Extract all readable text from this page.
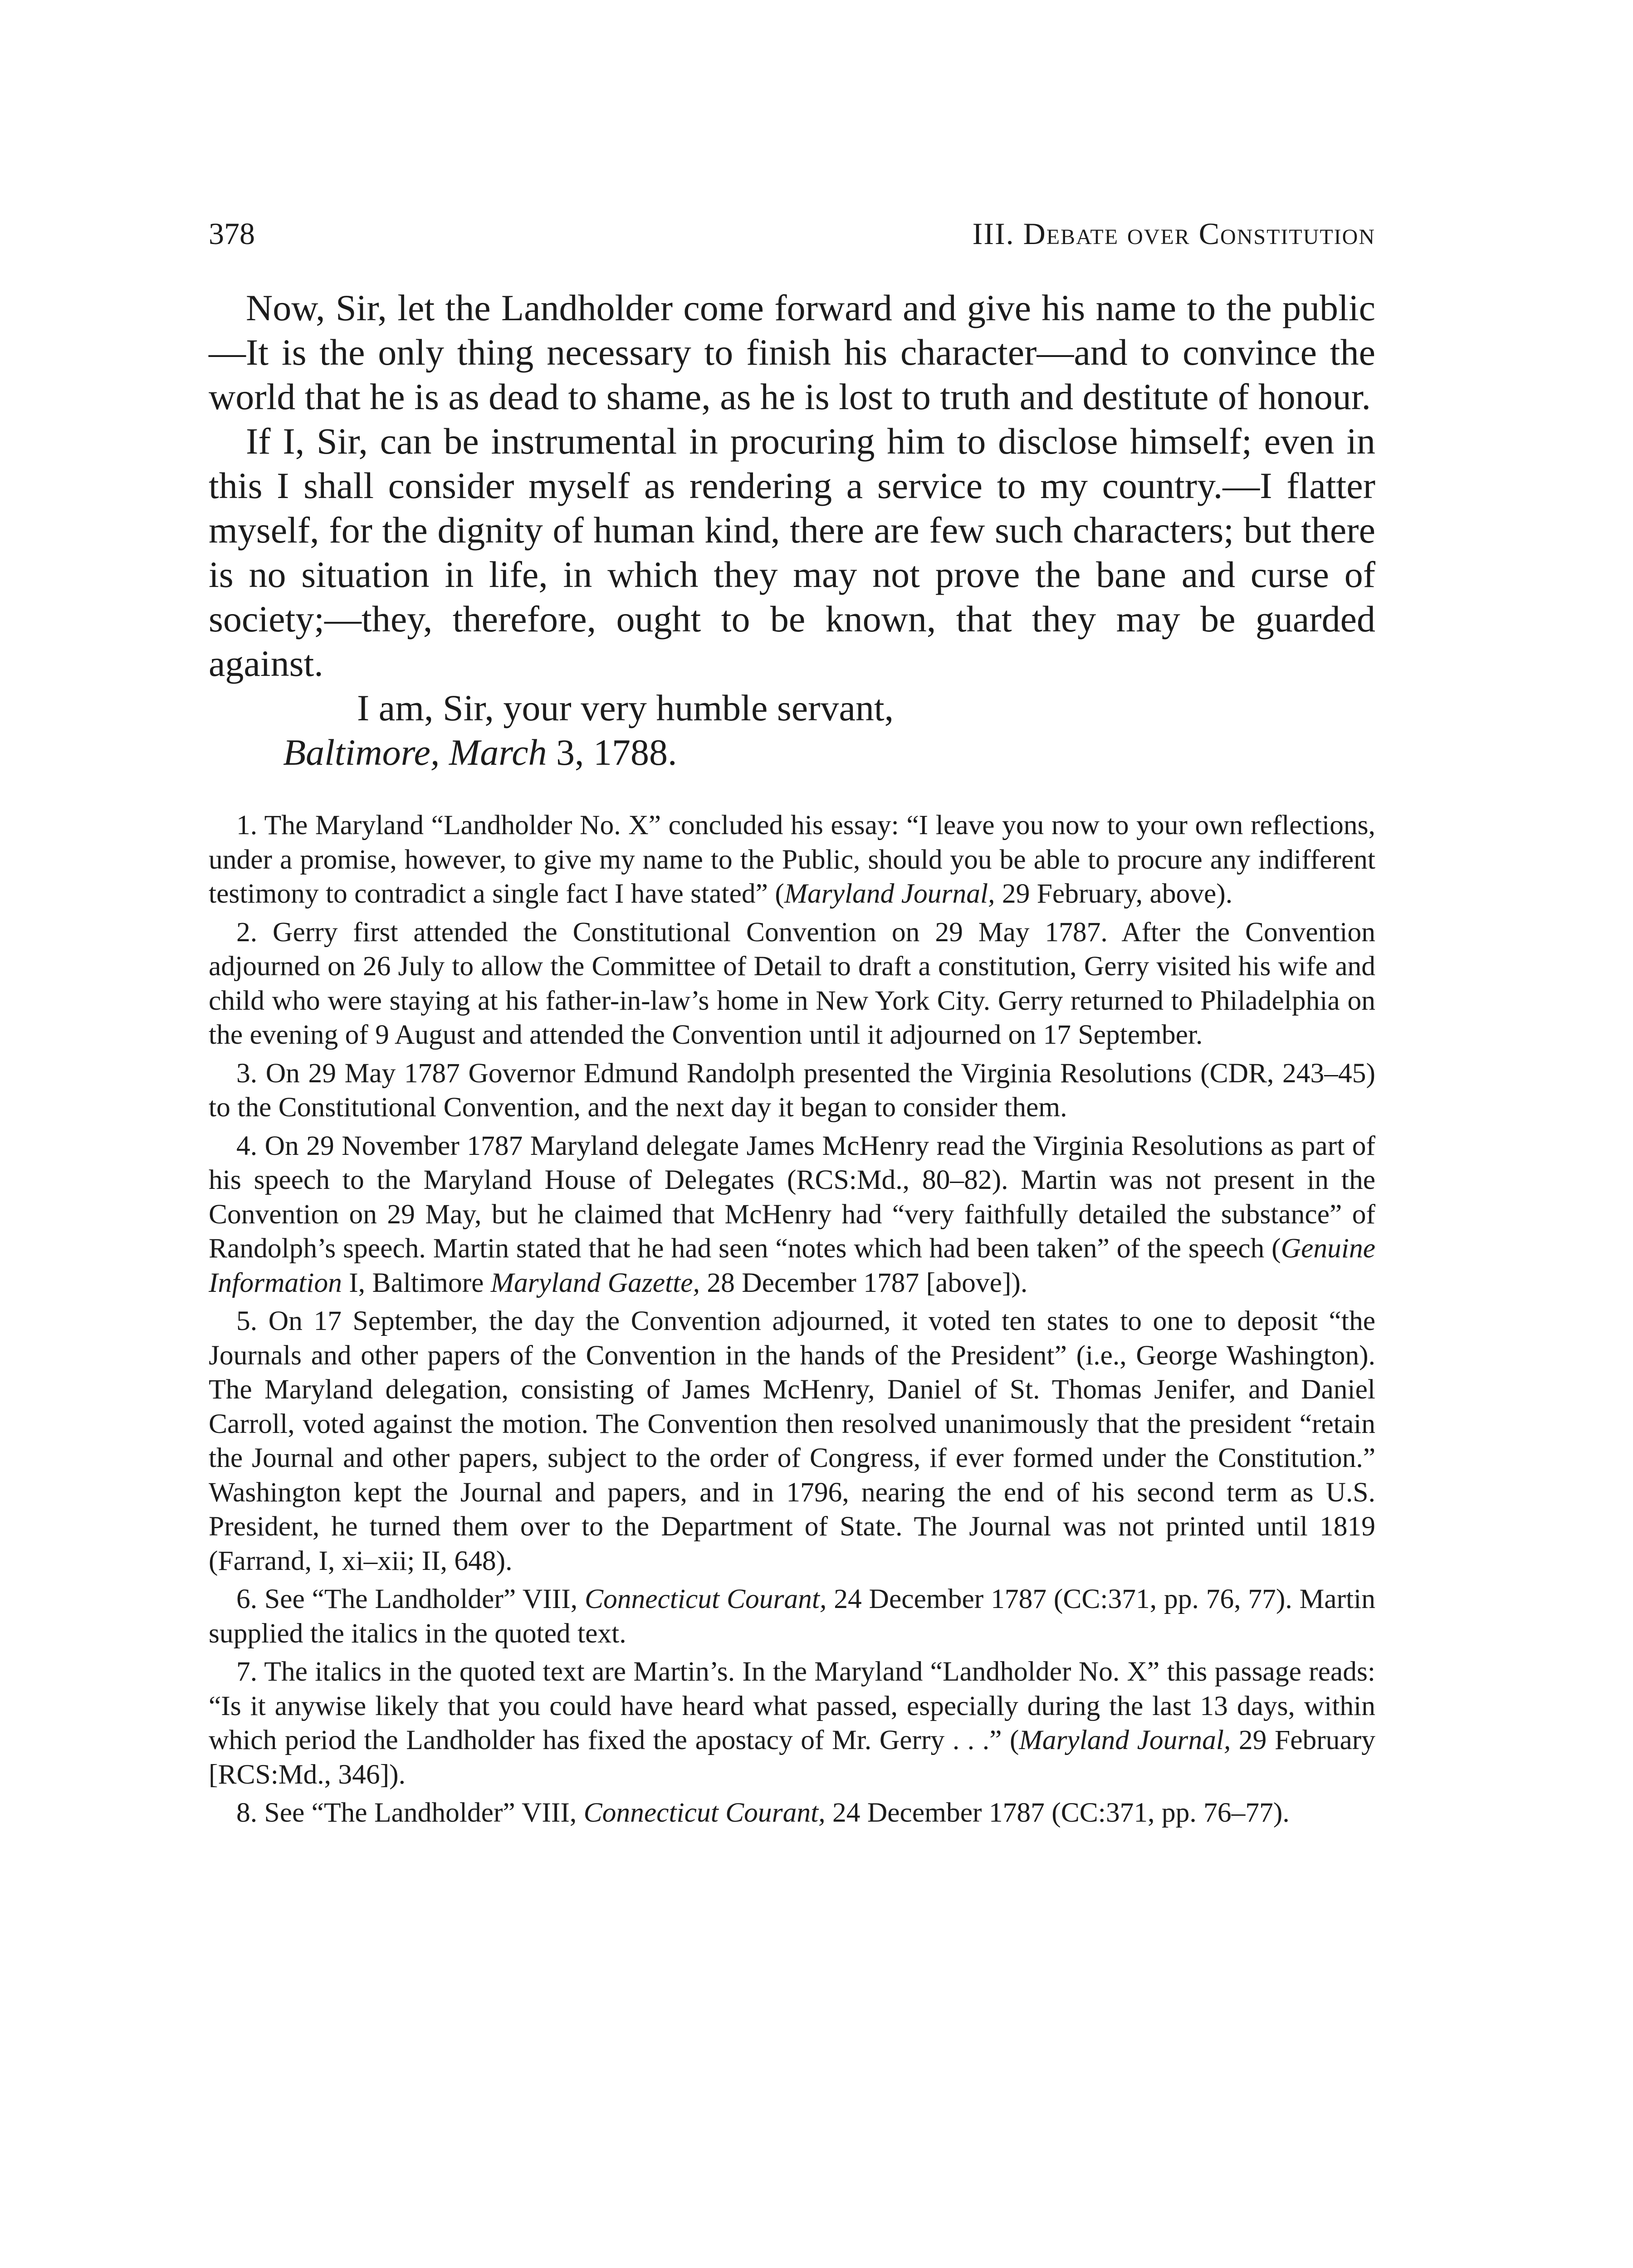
378	III. Debate over Constitution

Now, Sir, let the Landholder come forward and give his name to the public—It is the only thing necessary to finish his character—and to convince the world that he is as dead to shame, as he is lost to truth and destitute of honour.

If I, Sir, can be instrumental in procuring him to disclose himself; even in this I shall consider myself as rendering a service to my country.—I flatter myself, for the dignity of human kind, there are few such characters; but there is no situation in life, in which they may not prove the bane and curse of society;—they, therefore, ought to be known, that they may be guarded against.

I am, Sir, your very humble servant,

Baltimore, March 3, 1788.

1. The Maryland “Landholder No. X” concluded his essay: “I leave you now to your own reflections, under a promise, however, to give my name to the Public, should you be able to procure any indifferent testimony to contradict a single fact I have stated” (Maryland Journal, 29 February, above).

2. Gerry first attended the Constitutional Convention on 29 May 1787. After the Convention adjourned on 26 July to allow the Committee of Detail to draft a constitution, Gerry visited his wife and child who were staying at his father-in-law’s home in New York City. Gerry returned to Philadelphia on the evening of 9 August and attended the Convention until it adjourned on 17 September.

3. On 29 May 1787 Governor Edmund Randolph presented the Virginia Resolutions (CDR, 243–45) to the Constitutional Convention, and the next day it began to consider them.

4. On 29 November 1787 Maryland delegate James McHenry read the Virginia Resolutions as part of his speech to the Maryland House of Delegates (RCS:Md., 80–82). Martin was not present in the Convention on 29 May, but he claimed that McHenry had “very faithfully detailed the substance” of Randolph’s speech. Martin stated that he had seen “notes which had been taken” of the speech (Genuine Information I, Baltimore Maryland Gazette, 28 December 1787 [above]).

5. On 17 September, the day the Convention adjourned, it voted ten states to one to deposit “the Journals and other papers of the Convention in the hands of the President” (i.e., George Washington). The Maryland delegation, consisting of James McHenry, Daniel of St. Thomas Jenifer, and Daniel Carroll, voted against the motion. The Convention then resolved unanimously that the president “retain the Journal and other papers, subject to the order of Congress, if ever formed under the Constitution.” Washington kept the Journal and papers, and in 1796, nearing the end of his second term as U.S. President, he turned them over to the Department of State. The Journal was not printed until 1819 (Farrand, I, xi–xii; II, 648).

6. See “The Landholder” VIII, Connecticut Courant, 24 December 1787 (CC:371, pp. 76, 77). Martin supplied the italics in the quoted text.

7. The italics in the quoted text are Martin’s. In the Maryland “Landholder No. X” this passage reads: “Is it anywise likely that you could have heard what passed, especially during the last 13 days, within which period the Landholder has fixed the apostacy of Mr. Gerry . . .” (Maryland Journal, 29 February [RCS:Md., 346]).

8. See “The Landholder” VIII, Connecticut Courant, 24 December 1787 (CC:371, pp. 76–77).
